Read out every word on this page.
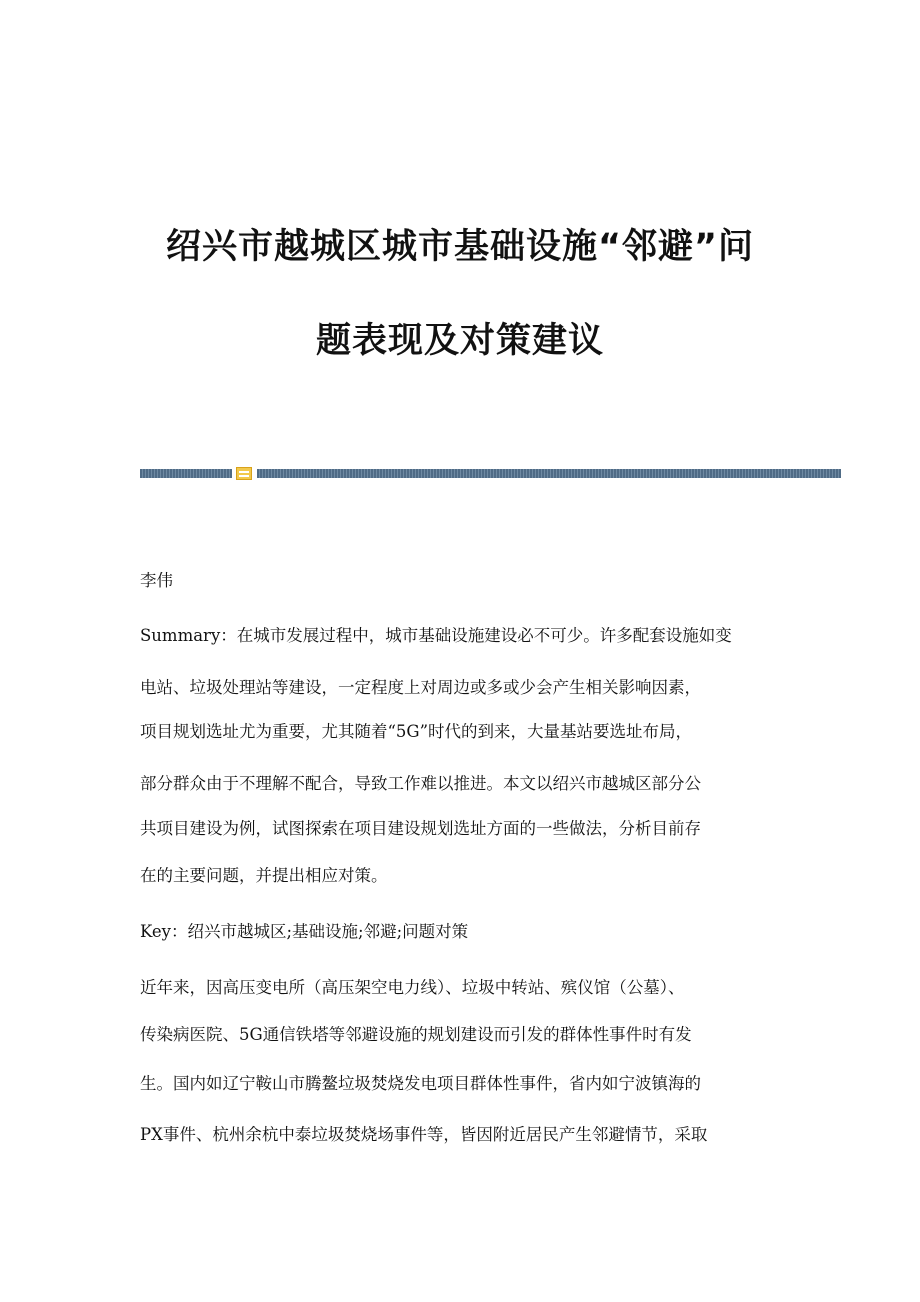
绍兴市越城区城市基础设施“邻避”问
题表现及对策建议
李伟
Summary：在城市发展过程中，城市基础设施建设必不可少。许多配套设施如变
电站、垃圾处理站等建设，一定程度上对周边或多或少会产生相关影响因素，
项目规划选址尤为重要，尤其随着“5G”时代的到来，大量基站要选址布局，
部分群众由于不理解不配合，导致工作难以推进。本文以绍兴市越城区部分公
共项目建设为例，试图探索在项目建设规划选址方面的一些做法，分析目前存
在的主要问题，并提出相应对策。
Key：绍兴市越城区;基础设施;邻避;问题对策
近年来，因高压变电所（高压架空电力线）、垃圾中转站、殡仪馆（公墓）、
传染病医院、5G通信铁塔等邻避设施的规划建设而引发的群体性事件时有发
生。国内如辽宁鞍山市腾鳌垃圾焚烧发电项目群体性事件，省内如宁波镇海的
PX事件、杭州余杭中泰垃圾焚烧场事件等，皆因附近居民产生邻避情节，采取
